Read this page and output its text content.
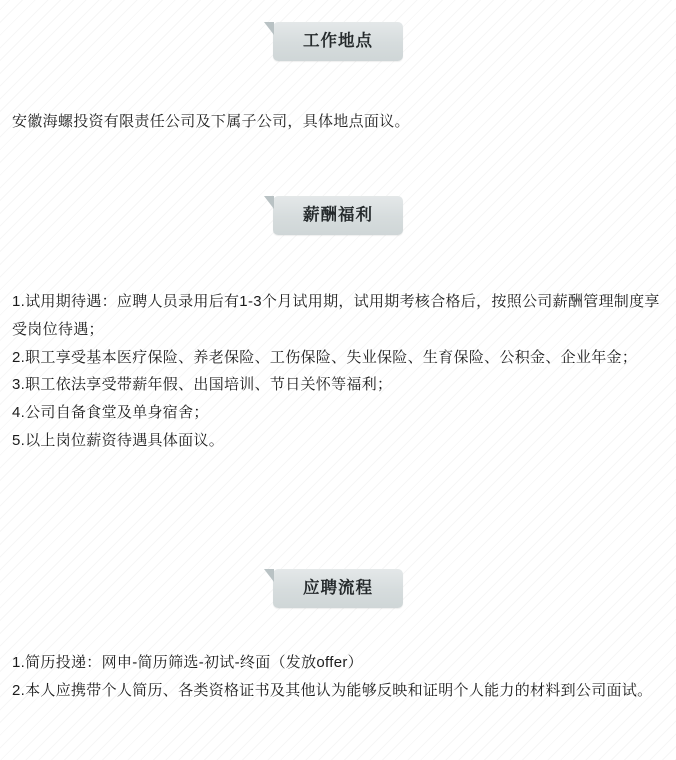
工作地点

安徽海螺投资有限责任公司及下属子公司，具体地点面议。

薪酬福利

1.试用期待遇：应聘人员录用后有1-3个月试用期，试用期考核合格后，按照公司薪酬管理制度享受岗位待遇；

2.职工享受基本医疗保险、养老保险、工伤保险、失业保险、生育保险、公积金、企业年金；

3.职工依法享受带薪年假、出国培训、节日关怀等福利；

4.公司自备食堂及单身宿舍；

5.以上岗位薪资待遇具体面议。

应聘流程

1.简历投递：网申-简历筛选-初试-终面（发放offer）

2.本人应携带个人简历、各类资格证书及其他认为能够反映和证明个人能力的材料到公司面试。
